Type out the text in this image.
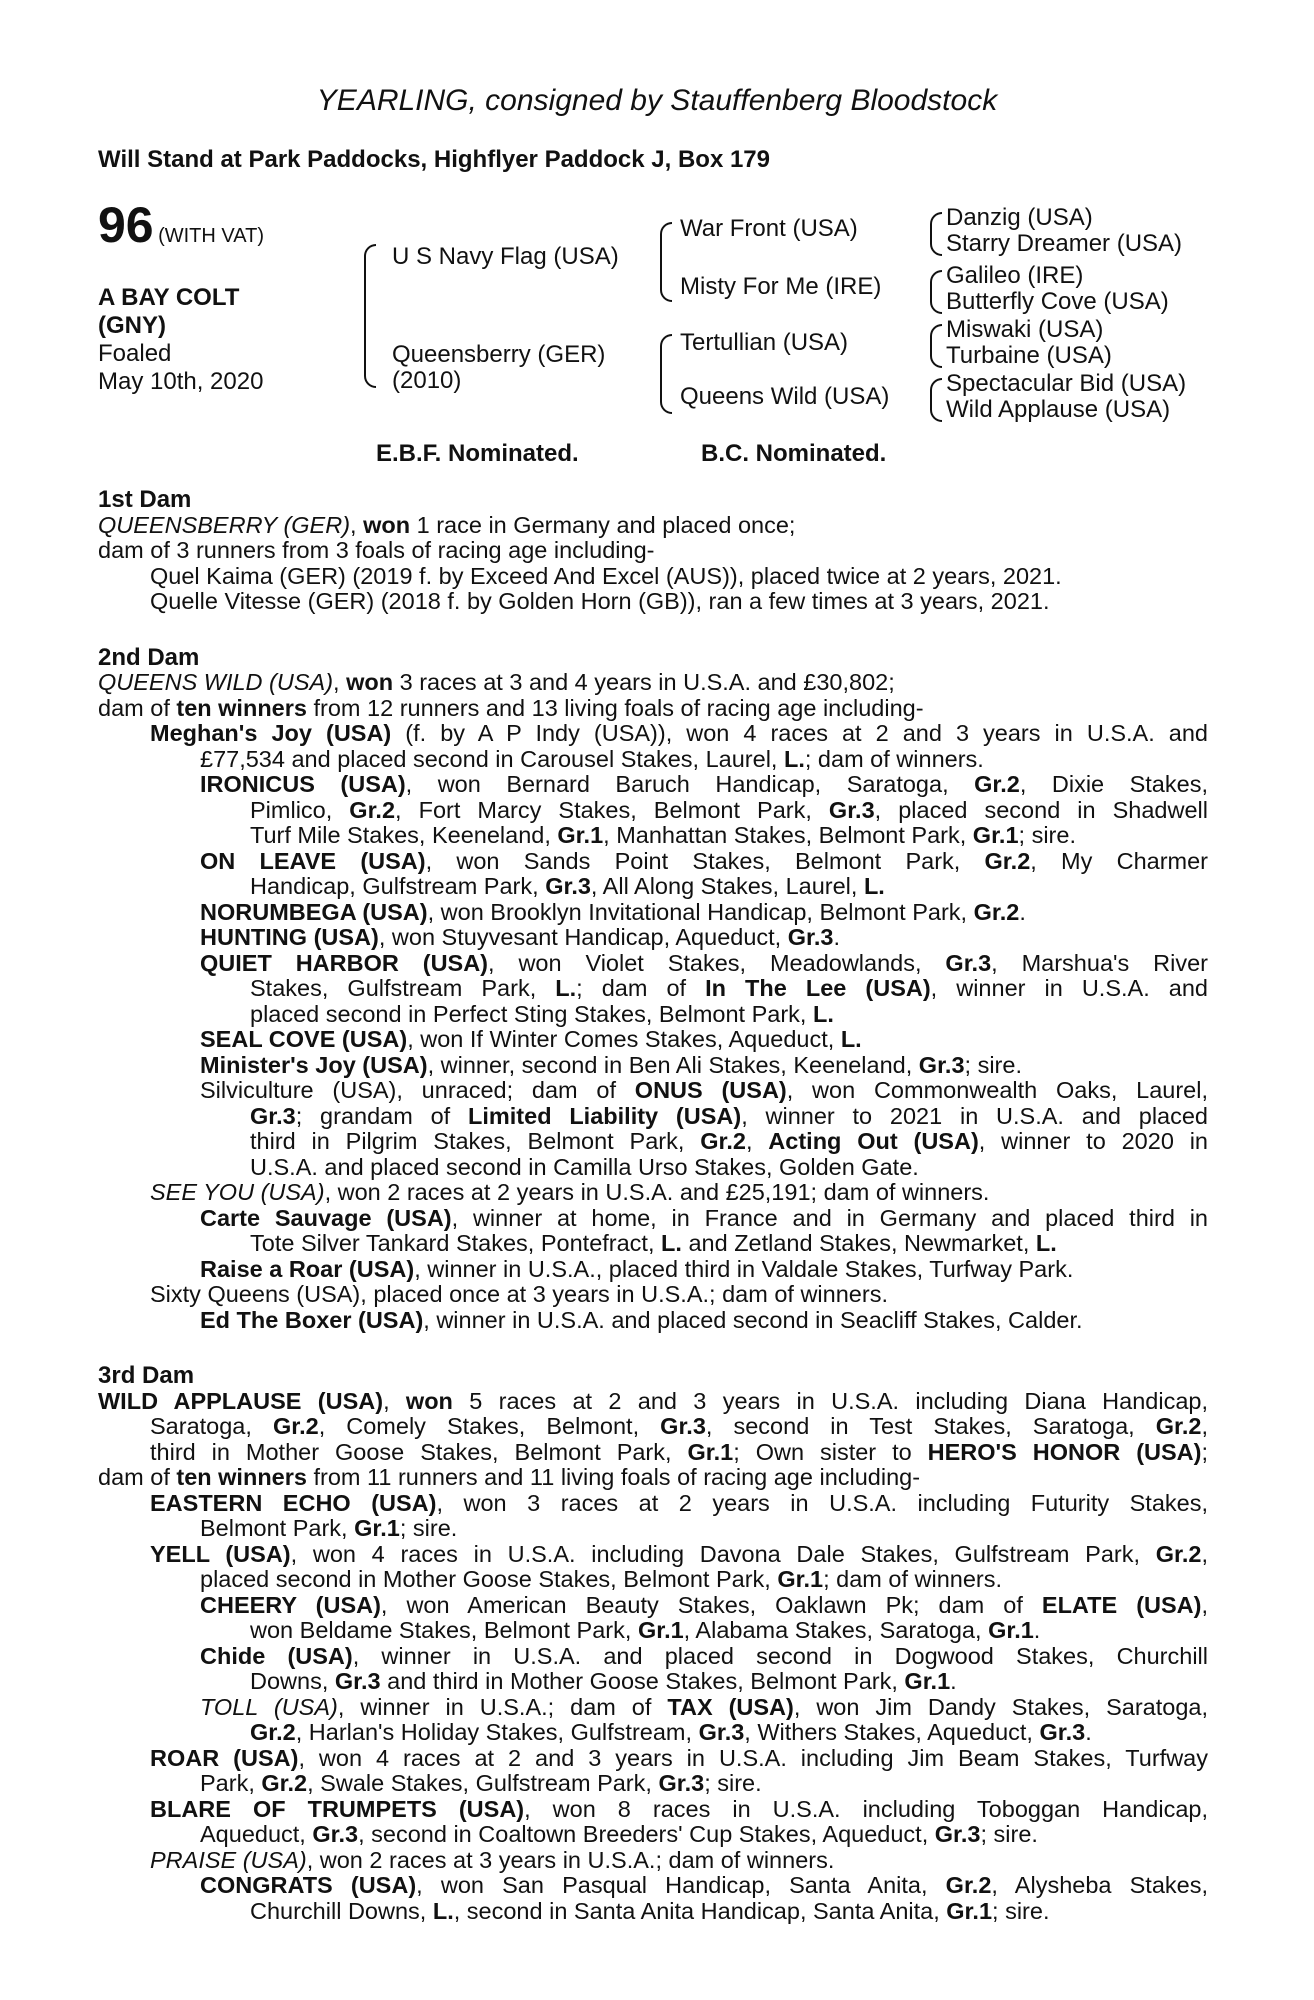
YEARLING, consigned by Stauffenberg Bloodstock
Will Stand at Park Paddocks, Highflyer Paddock J, Box 179
96 (WITH VAT)
A BAY COLT
(GNY)
Foaled
May 10th, 2020
U S Navy Flag (USA)
Queensberry (GER)
(2010)
War Front (USA)
Misty For Me (IRE)
Tertullian (USA)
Queens Wild (USA)
Danzig (USA)
Starry Dreamer (USA)
Galileo (IRE)
Butterfly Cove (USA)
Miswaki (USA)
Turbaine (USA)
Spectacular Bid (USA)
Wild Applause (USA)
E.B.F. Nominated.	B.C. Nominated.
1st Dam
QUEENSBERRY (GER), won 1 race in Germany and placed once;
dam of 3 runners from 3 foals of racing age including-
Quel Kaima (GER) (2019 f. by Exceed And Excel (AUS)), placed twice at 2 years, 2021.
Quelle Vitesse (GER) (2018 f. by Golden Horn (GB)), ran a few times at 3 years, 2021.
2nd Dam
QUEENS WILD (USA), won 3 races at 3 and 4 years in U.S.A. and £30,802;
dam of ten winners from 12 runners and 13 living foals of racing age including-
Meghan's Joy (USA) (f. by A P Indy (USA)), won 4 races at 2 and 3 years in U.S.A. and
£77,534 and placed second in Carousel Stakes, Laurel, L.; dam of winners.
IRONICUS (USA), won Bernard Baruch Handicap, Saratoga, Gr.2, Dixie Stakes,
Pimlico, Gr.2, Fort Marcy Stakes, Belmont Park, Gr.3, placed second in Shadwell
Turf Mile Stakes, Keeneland, Gr.1, Manhattan Stakes, Belmont Park, Gr.1; sire.
ON LEAVE (USA), won Sands Point Stakes, Belmont Park, Gr.2, My Charmer
Handicap, Gulfstream Park, Gr.3, All Along Stakes, Laurel, L.
NORUMBEGA (USA), won Brooklyn Invitational Handicap, Belmont Park, Gr.2.
HUNTING (USA), won Stuyvesant Handicap, Aqueduct, Gr.3.
QUIET HARBOR (USA), won Violet Stakes, Meadowlands, Gr.3, Marshua's River
Stakes, Gulfstream Park, L.; dam of In The Lee (USA), winner in U.S.A. and
placed second in Perfect Sting Stakes, Belmont Park, L.
SEAL COVE (USA), won If Winter Comes Stakes, Aqueduct, L.
Minister's Joy (USA), winner, second in Ben Ali Stakes, Keeneland, Gr.3; sire.
Silviculture (USA), unraced; dam of ONUS (USA), won Commonwealth Oaks, Laurel,
Gr.3; grandam of Limited Liability (USA), winner to 2021 in U.S.A. and placed
third in Pilgrim Stakes, Belmont Park, Gr.2, Acting Out (USA), winner to 2020 in
U.S.A. and placed second in Camilla Urso Stakes, Golden Gate.
SEE YOU (USA), won 2 races at 2 years in U.S.A. and £25,191; dam of winners.
Carte Sauvage (USA), winner at home, in France and in Germany and placed third in
Tote Silver Tankard Stakes, Pontefract, L. and Zetland Stakes, Newmarket, L.
Raise a Roar (USA), winner in U.S.A., placed third in Valdale Stakes, Turfway Park.
Sixty Queens (USA), placed once at 3 years in U.S.A.; dam of winners.
Ed The Boxer (USA), winner in U.S.A. and placed second in Seacliff Stakes, Calder.
3rd Dam
WILD APPLAUSE (USA), won 5 races at 2 and 3 years in U.S.A. including Diana Handicap,
Saratoga, Gr.2, Comely Stakes, Belmont, Gr.3, second in Test Stakes, Saratoga, Gr.2,
third in Mother Goose Stakes, Belmont Park, Gr.1; Own sister to HERO'S HONOR (USA);
dam of ten winners from 11 runners and 11 living foals of racing age including-
EASTERN ECHO (USA), won 3 races at 2 years in U.S.A. including Futurity Stakes,
Belmont Park, Gr.1; sire.
YELL (USA), won 4 races in U.S.A. including Davona Dale Stakes, Gulfstream Park, Gr.2,
placed second in Mother Goose Stakes, Belmont Park, Gr.1; dam of winners.
CHEERY (USA), won American Beauty Stakes, Oaklawn Pk; dam of ELATE (USA),
won Beldame Stakes, Belmont Park, Gr.1, Alabama Stakes, Saratoga, Gr.1.
Chide (USA), winner in U.S.A. and placed second in Dogwood Stakes, Churchill
Downs, Gr.3 and third in Mother Goose Stakes, Belmont Park, Gr.1.
TOLL (USA), winner in U.S.A.; dam of TAX (USA), won Jim Dandy Stakes, Saratoga,
Gr.2, Harlan's Holiday Stakes, Gulfstream, Gr.3, Withers Stakes, Aqueduct, Gr.3.
ROAR (USA), won 4 races at 2 and 3 years in U.S.A. including Jim Beam Stakes, Turfway
Park, Gr.2, Swale Stakes, Gulfstream Park, Gr.3; sire.
BLARE OF TRUMPETS (USA), won 8 races in U.S.A. including Toboggan Handicap,
Aqueduct, Gr.3, second in Coaltown Breeders' Cup Stakes, Aqueduct, Gr.3; sire.
PRAISE (USA), won 2 races at 3 years in U.S.A.; dam of winners.
CONGRATS (USA), won San Pasqual Handicap, Santa Anita, Gr.2, Alysheba Stakes,
Churchill Downs, L., second in Santa Anita Handicap, Santa Anita, Gr.1; sire.
